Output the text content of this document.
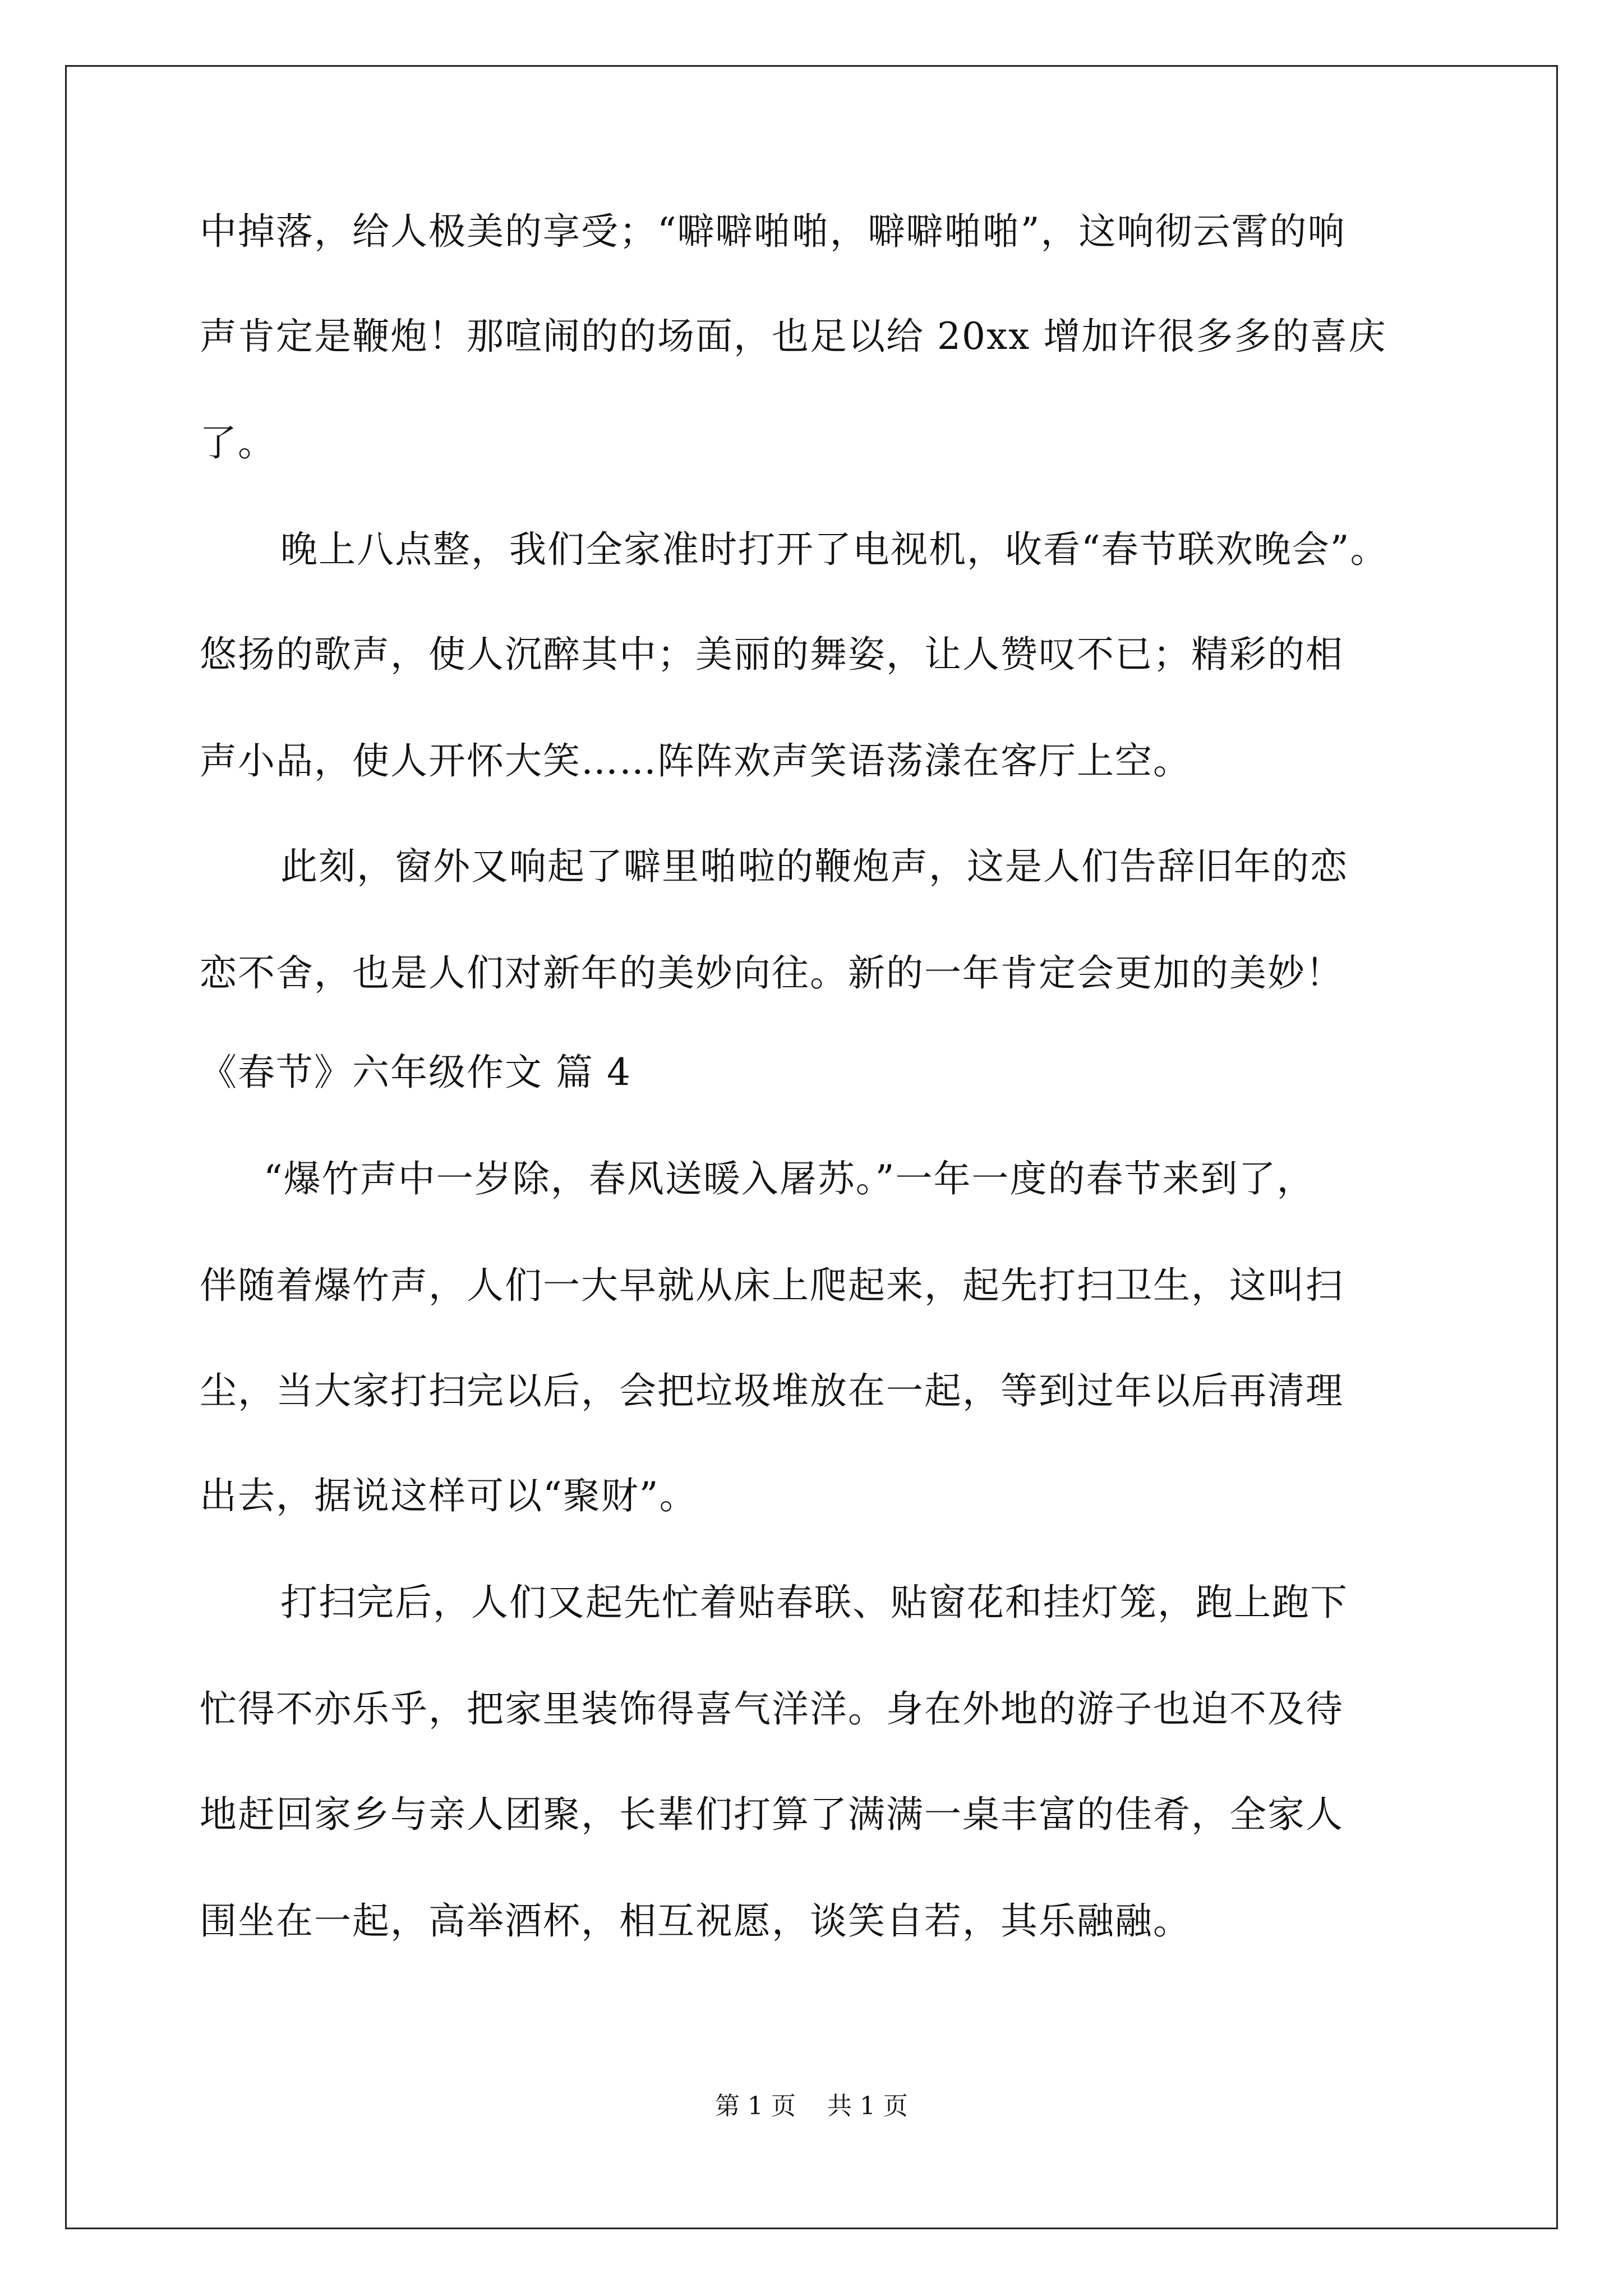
中掉落，给人极美的享受；“噼噼啪啪，噼噼啪啪”，这响彻云霄的响
声肯定是鞭炮！那喧闹的的场面，也足以给 20xx 增加许很多多的喜庆
了。
晚上八点整，我们全家准时打开了电视机，收看“春节联欢晚会”。
悠扬的歌声，使人沉醉其中；美丽的舞姿，让人赞叹不已；精彩的相
声小品，使人开怀大笑……阵阵欢声笑语荡漾在客厅上空。
此刻，窗外又响起了噼里啪啦的鞭炮声，这是人们告辞旧年的恋
恋不舍，也是人们对新年的美妙向往。新的一年肯定会更加的美妙！
《春节》六年级作文 篇 4
“爆竹声中一岁除，春风送暖入屠苏。”一年一度的春节来到了，
伴随着爆竹声，人们一大早就从床上爬起来，起先打扫卫生，这叫扫
尘，当大家打扫完以后，会把垃圾堆放在一起，等到过年以后再清理
出去，据说这样可以“聚财”。
打扫完后，人们又起先忙着贴春联、贴窗花和挂灯笼，跑上跑下
忙得不亦乐乎，把家里装饰得喜气洋洋。身在外地的游子也迫不及待
地赶回家乡与亲人团聚，长辈们打算了满满一桌丰富的佳肴，全家人
围坐在一起，高举酒杯，相互祝愿，谈笑自若，其乐融融。
第 1 页    共 1 页
